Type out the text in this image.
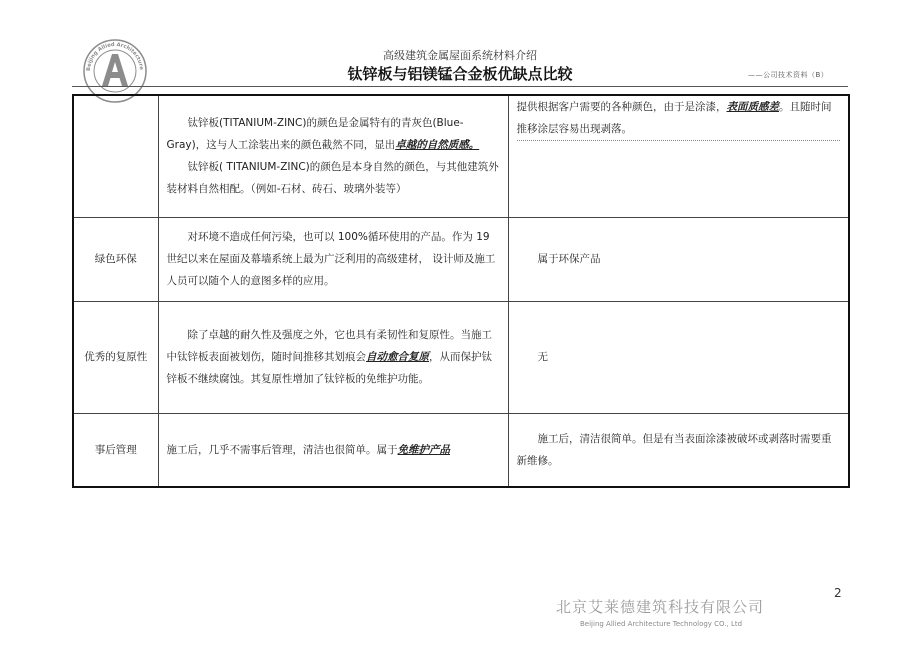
Beijing Allied Architecture
高级建筑金属屋面系统材料介绍
钛锌板与铝镁锰合金板优缺点比较	——公司技术资料（B）

	钛锌板(TITANIUM-ZINC)的颜色是金属特有的青灰色(Blue-Gray)，这与人工涂装出来的颜色截然不同，显出卓越的自然质感。

钛锌板( TITANIUM-ZINC)的颜色是本身自然的颜色，与其他建筑外装材料自然相配。（例如-石材、砖石、玻璃外装等）	提供根据客户需要的各种颜色，由于是涂漆，表面质感差。且随时间推移涂层容易出现剥落。

绿色环保	对环境不造成任何污染，也可以 100%循环使用的产品。作为 19 世纪以来在屋面及幕墙系统上最为广泛利用的高级建材， 设计师及施工人员可以随个人的意图多样的应用。	属于环保产品

优秀的复原性	除了卓越的耐久性及强度之外，它也具有柔韧性和复原性。当施工中钛锌板表面被划伤，随时间推移其划痕会自动愈合复原，从而保护钛锌板不继续腐蚀。其复原性增加了钛锌板的免维护功能。	无

事后管理	施工后，几乎不需事后管理，清洁也很简单。属于免维护产品	施工后，清洁很简单。但是有当表面涂漆被破坏或剥落时需要重新维修。

2
北京艾莱德建筑科技有限公司
Beijing Allied Architecture Technology CO., Ltd
